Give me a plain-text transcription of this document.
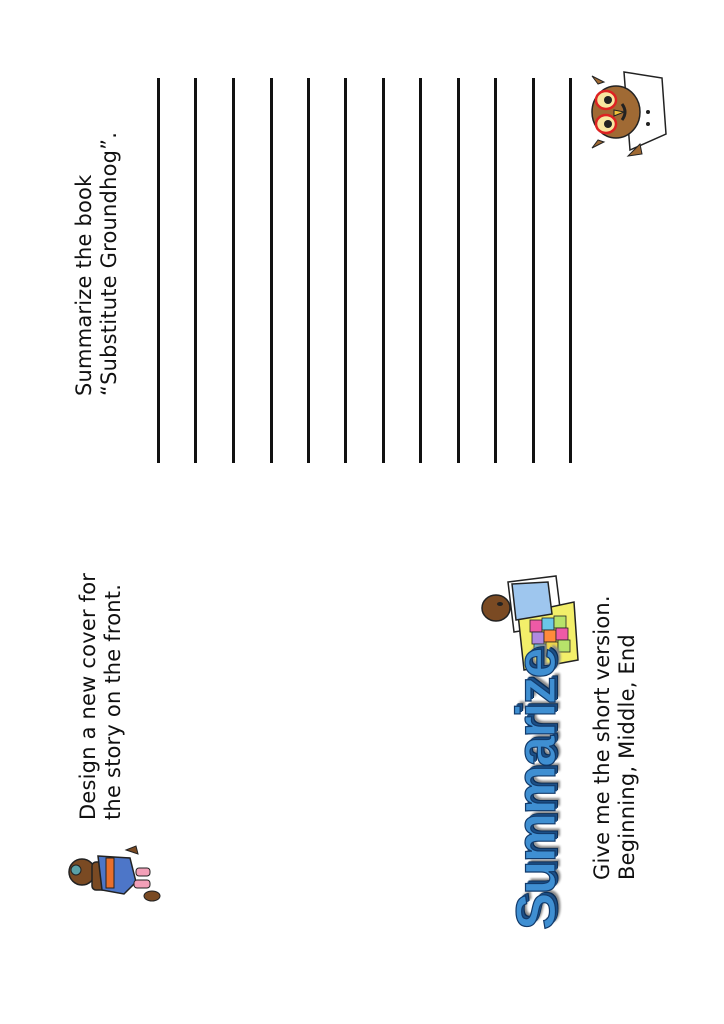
Design a new cover for the story on the front.	Summarize Give me the short version. Beginning, Middle, End
Summarize the book “Substitute Groundhog”.
